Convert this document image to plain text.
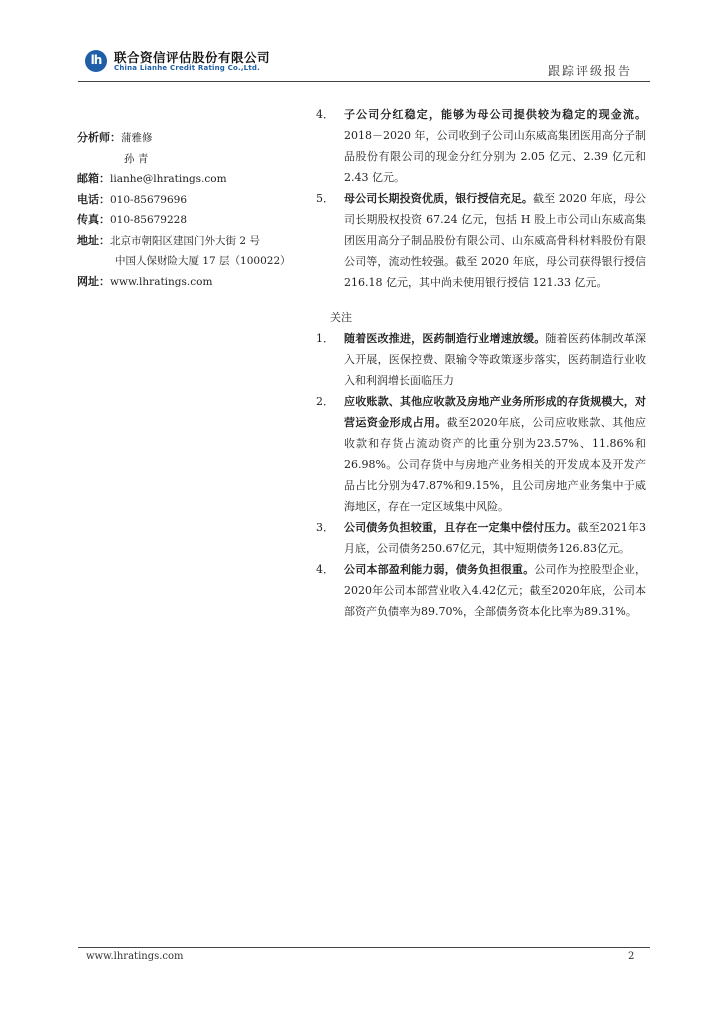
lh	联合资信评估股份有限公司
China Lianhe Credit Rating Co.,Ltd.	跟踪评级报告
分析师：蒲雅修
孙 青
邮箱：lianhe@lhratings.com
电话：010-85679696
传真：010-85679228
地址：北京市朝阳区建国门外大街 2 号
中国人保财险大厦 17 层（100022）
网址：www.lhratings.com
4． 子公司分红稳定，能够为母公司提供较为稳定的现金流。2018－2020 年，公司收到子公司山东威高集团医用高分子制品股份有限公司的现金分红分别为 2.05 亿元、2.39 亿元和 2.43 亿元。
5． 母公司长期投资优质，银行授信充足。截至 2020 年底，母公司长期股权投资 67.24 亿元，包括 H 股上市公司山东威高集团医用高分子制品股份有限公司、山东威高骨科材料股份有限公司等，流动性较强。截至 2020 年底，母公司获得银行授信 216.18 亿元，其中尚未使用银行授信 121.33 亿元。
关注
1． 随着医改推进，医药制造行业增速放缓。随着医药体制改革深入开展，医保控费、限输令等政策逐步落实，医药制造行业收入和利润增长面临压力
2． 应收账款、其他应收款及房地产业务所形成的存货规模大，对营运资金形成占用。截至2020年底，公司应收账款、其他应收款和存货占流动资产的比重分别为23.57%、11.86%和26.98%。公司存货中与房地产业务相关的开发成本及开发产品占比分别为47.87%和9.15%，且公司房地产业务集中于威海地区，存在一定区域集中风险。
3． 公司债务负担较重，且存在一定集中偿付压力。截至2021年3月底，公司债务250.67亿元，其中短期债务126.83亿元。
4． 公司本部盈利能力弱，债务负担很重。公司作为控股型企业，2020年公司本部营业收入4.42亿元；截至2020年底，公司本部资产负债率为89.70%，全部债务资本化比率为89.31%。
www.lhratings.com	2
